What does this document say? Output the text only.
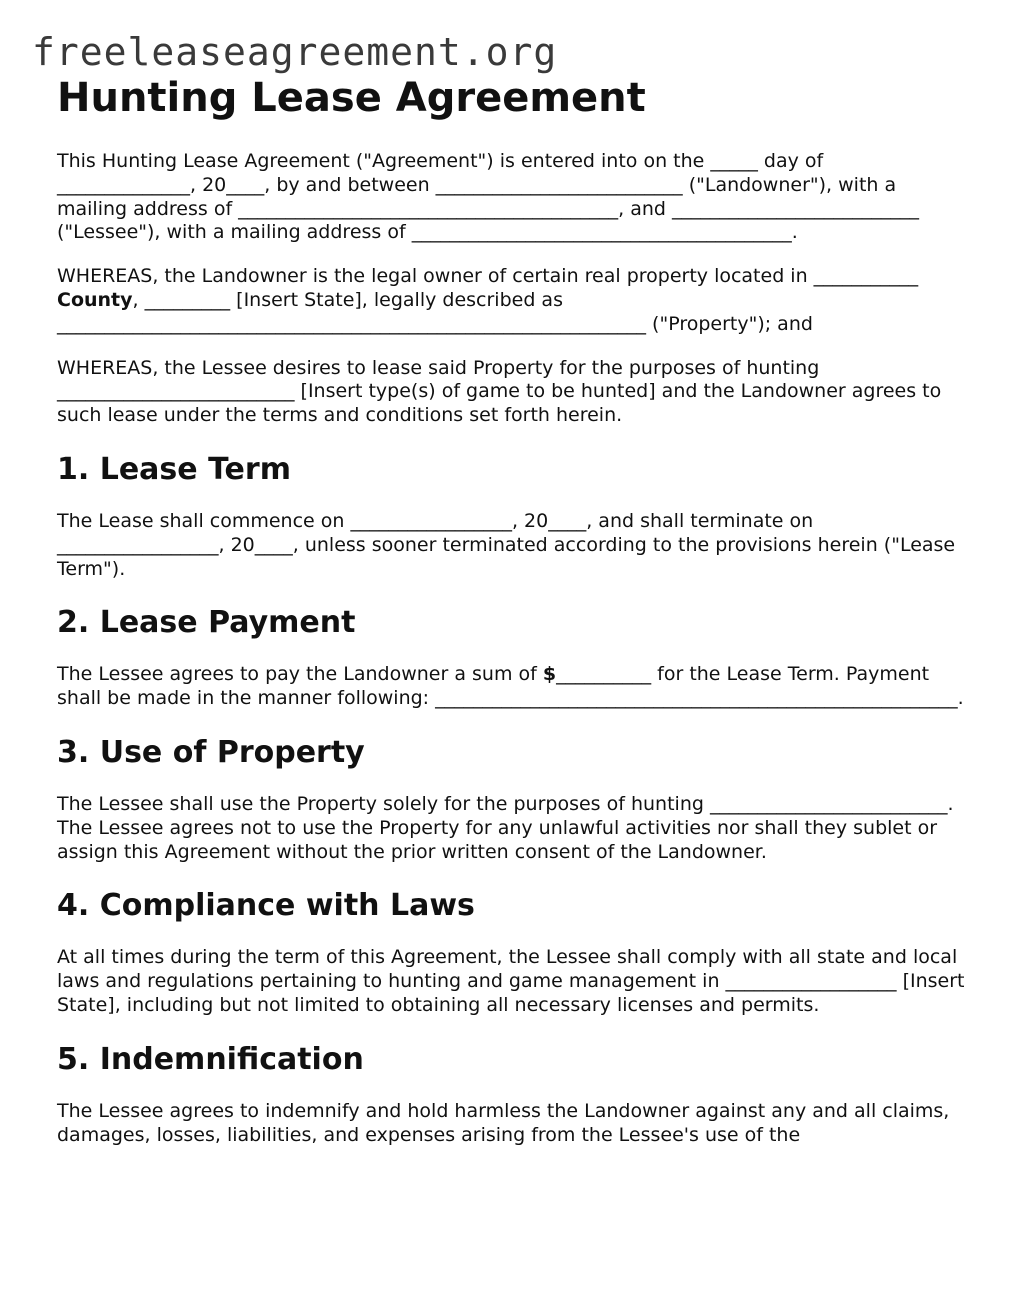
freeleaseagreement.org
Hunting Lease Agreement

This Hunting Lease Agreement ("Agreement") is entered into on the _____ day of ______________, 20____, by and between __________________________ ("Landowner"), with a mailing address of ________________________________________, and __________________________ ("Lessee"), with a mailing address of ________________________________________.

WHEREAS, the Landowner is the legal owner of certain real property located in ___________ County, _________ [Insert State], legally described as ______________________________________________________________ ("Property"); and

WHEREAS, the Lessee desires to lease said Property for the purposes of hunting _________________________ [Insert type(s) of game to be hunted] and the Landowner agrees to such lease under the terms and conditions set forth herein.

1. Lease Term

The Lease shall commence on _________________, 20____, and shall terminate on _________________, 20____, unless sooner terminated according to the provisions herein ("Lease Term").

2. Lease Payment

The Lessee agrees to pay the Landowner a sum of $__________ for the Lease Term. Payment shall be made in the manner following: _______________________________________________________.

3. Use of Property

The Lessee shall use the Property solely for the purposes of hunting _________________________. The Lessee agrees not to use the Property for any unlawful activities nor shall they sublet or assign this Agreement without the prior written consent of the Landowner.

4. Compliance with Laws

At all times during the term of this Agreement, the Lessee shall comply with all state and local laws and regulations pertaining to hunting and game management in __________________ [Insert State], including but not limited to obtaining all necessary licenses and permits.

5. Indemnification

The Lessee agrees to indemnify and hold harmless the Landowner against any and all claims, damages, losses, liabilities, and expenses arising from the Lessee's use of the
